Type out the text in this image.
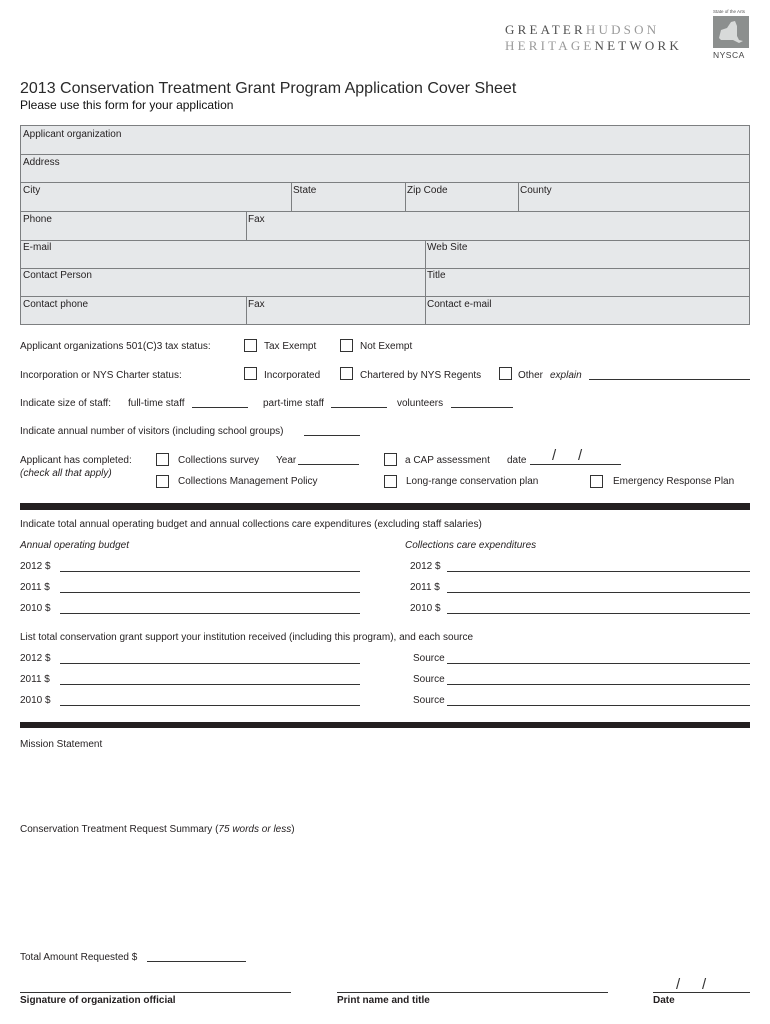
GREATERHUDSON
HERITAGENETWORK
State of the Arts
NYSCA
2013 Conservation Treatment Grant Program Application Cover Sheet
Please use this form for your application
Applicant organization
Address
City	State	Zip Code	County
Phone	Fax
E-mail	Web Site
Contact Person	Title
Contact phone	Fax	Contact e-mail
Applicant organizations 501(C)3 tax status:	Tax Exempt	Not Exempt
Incorporation or NYS Charter status:	Incorporated	Chartered by NYS Regents	Other explain
Indicate size of staff: full-time staff	part-time staff	volunteers
Indicate annual number of visitors (including school groups)
Applicant has completed:
(check all that apply)
Collections survey Year	a CAP assessment date / /
Collections Management Policy	Long-range conservation plan	Emergency Response Plan
Indicate total annual operating budget and annual collections care expenditures (excluding staff salaries)
Annual operating budget	Collections care expenditures
2012 $	2012 $
2011 $	2011 $
2010 $	2010 $
List total conservation grant support your institution received (including this program), and each source
2012 $	Source
2011 $	Source
2010 $	Source
Mission Statement
Conservation Treatment Request Summary (75 words or less)
Total Amount Requested $
Signature of organization official	Print name and title
/ /
Date
